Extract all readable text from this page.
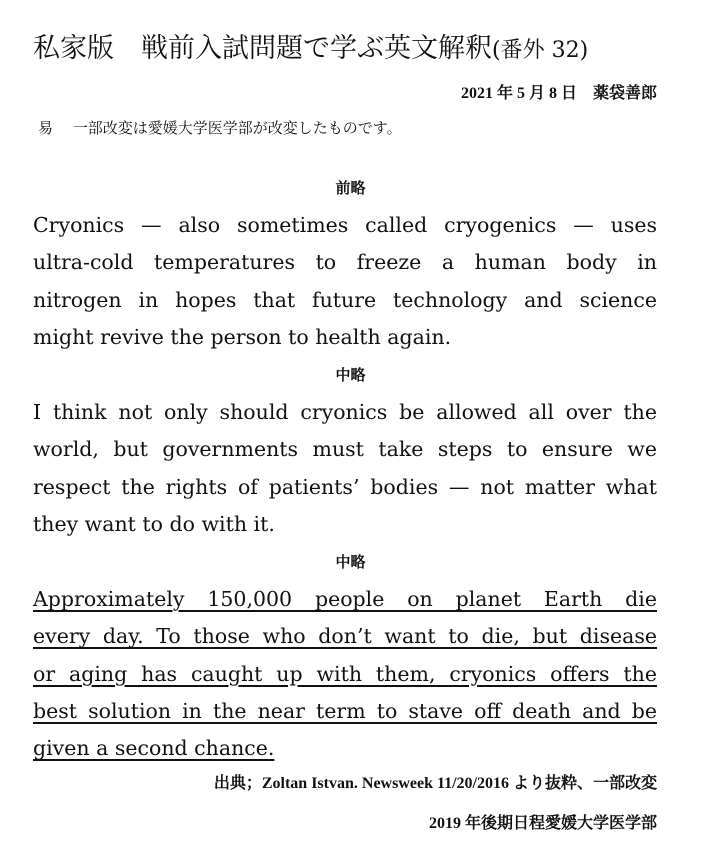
私家版　戦前入試問題で学ぶ英文解釈(番外 32)
2021 年 5 月 8 日　薬袋善郎
易　 一部改変は愛媛大学医学部が改変したものです。
前略
Cryonics — also sometimes called cryogenics — uses
ultra-cold temperatures to freeze a human body in
nitrogen in hopes that future technology and science
might revive the person to health again.
中略
I think not only should cryonics be allowed all over the
world, but governments must take steps to ensure we
respect the rights of patients’ bodies — not matter what
they want to do with it.
中略
Approximately 150,000 people on planet Earth die
every day. To those who don’t want to die, but disease
or aging has caught up with them, cryonics offers the
best solution in the near term to stave off death and be
given a second chance.
出典；Zoltan Istvan. Newsweek 11/20/2016 より抜粋、一部改変
2019 年後期日程愛媛大学医学部
